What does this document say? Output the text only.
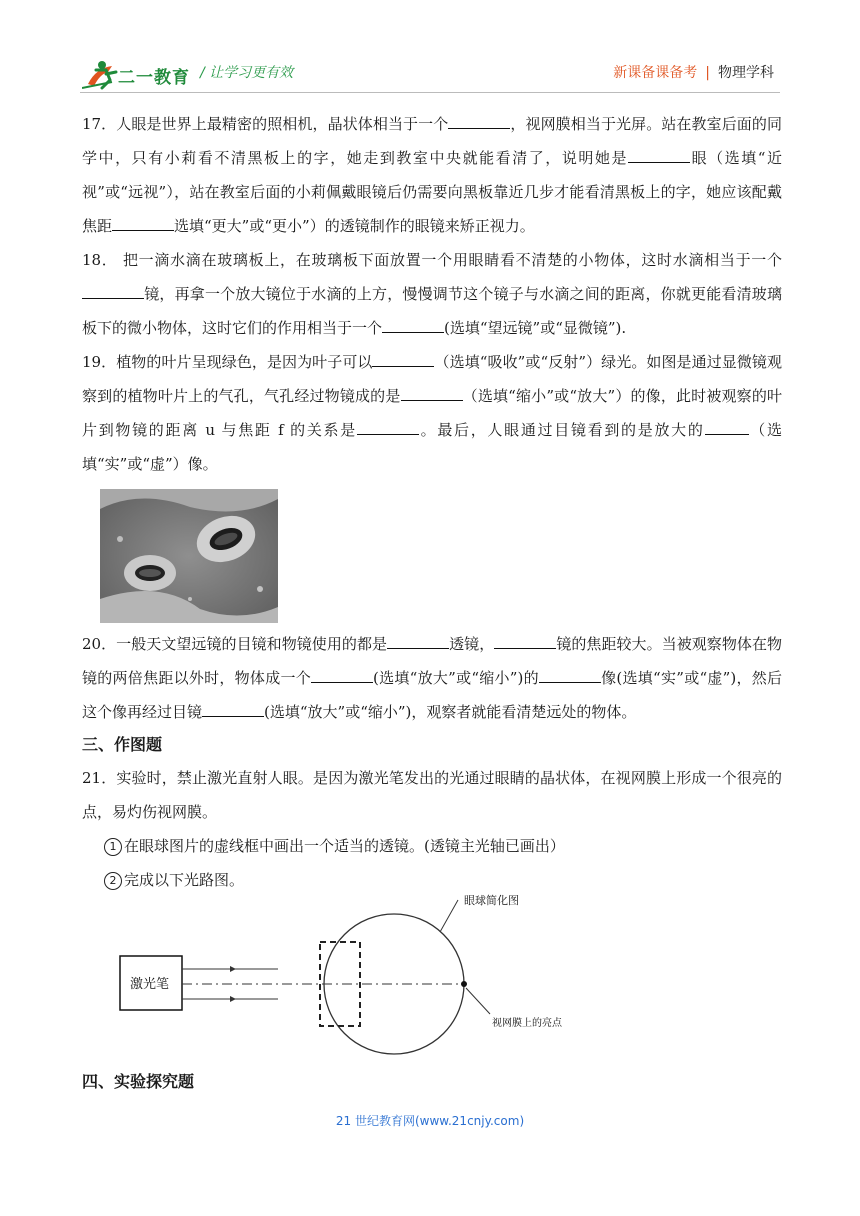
二一教育 / 让学习更有效	新课备课备考 | 物理学科

17．人眼是世界上最精密的照相机，晶状体相当于一个	，视网膜相当于光屏。站在教室后面的同学中，只有小莉看不清黑板上的字，她走到教室中央就能看清了，说明她是	眼（选填“近视”或“远视”），站在教室后面的小莉佩戴眼镜后仍需要向黑板靠近几步才能看清黑板上的字，她应该配戴焦距	选填“更大”或“更小”）的透镜制作的眼镜来矫正视力。

18． 把一滴水滴在玻璃板上，在玻璃板下面放置一个用眼睛看不清楚的小物体，这时水滴相当于一个镜，再拿一个放大镜位于水滴的上方，慢慢调节这个镜子与水滴之间的距离，你就更能看清玻璃板下的微小物体，这时它们的作用相当于一个	(选填“望远镜”或“显微镜”).

19．植物的叶片呈现绿色，是因为叶子可以	（选填“吸收”或“反射”）绿光。如图是通过显微镜观察到的植物叶片上的气孔，气孔经过物镜成的是	（选填“缩小”或“放大”）的像，此时被观察的叶片到物镜的距离 u 与焦距 f 的关系是	。最后，人眼通过目镜看到的是放大的	（选填“实”或“虚”）像。

20．一般天文望远镜的目镜和物镜使用的都是	透镜，	镜的焦距较大。当被观察物体在物镜的两倍焦距以外时，物体成一个	(选填“放大”或“缩小”)的	像(选填“实”或“虚”)，然后这个像再经过目镜	(选填“放大”或“缩小”)，观察者就能看清楚远处的物体。

三、作图题

21．实验时，禁止激光直射人眼。是因为激光笔发出的光通过眼睛的晶状体，在视网膜上形成一个很亮的点，易灼伤视网膜。

1 在眼球图片的虚线框中画出一个适当的透镜。(透镜主光轴已画出）

2 完成以下光路图。

激光笔
眼球简化图
视网膜上的亮点

四、实验探究题

21 世纪教育网(www.21cnjy.com)
